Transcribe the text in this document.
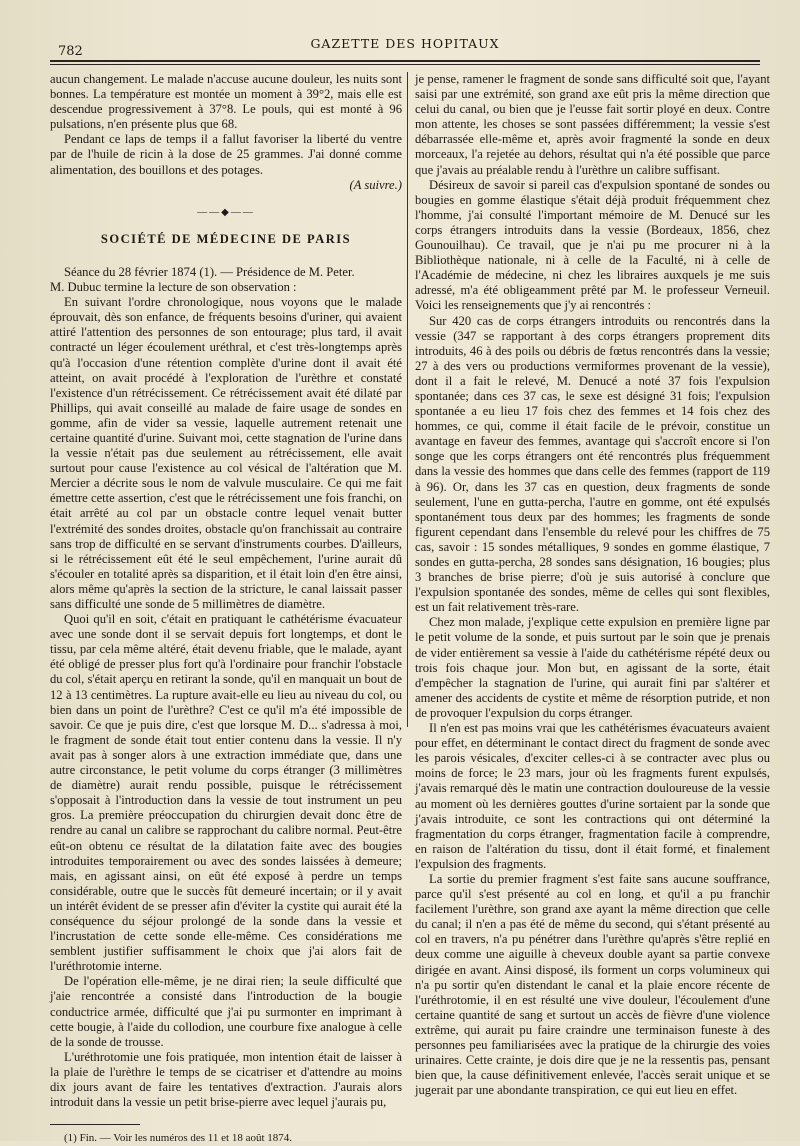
782
GAZETTE DES HOPITAUX

aucun changement. Le malade n'accuse aucune douleur, les nuits sont bonnes. La température est montée un moment à 39°2, mais elle est descendue progressivement à 37°8. Le pouls, qui est monté à 96 pulsations, n'en présente plus que 68.

Pendant ce laps de temps il a fallut favoriser la liberté du ventre par de l'huile de ricin à la dose de 25 grammes. J'ai donné comme alimentation, des bouillons et des potages.

(A suivre.)
——◆——
SOCIÉTÉ DE MÉDECINE DE PARIS

Séance du 28 février 1874 (1). — Présidence de M. Peter.

M. Dubuc termine la lecture de son observation :

En suivant l'ordre chronologique, nous voyons que le malade éprouvait, dès son enfance, de fréquents besoins d'uriner, qui avaient attiré l'attention des personnes de son entourage; plus tard, il avait contracté un léger écoulement uréthral, et c'est très-longtemps après qu'à l'occasion d'une rétention complète d'urine dont il avait été atteint, on avait procédé à l'exploration de l'urèthre et constaté l'existence d'un rétrécissement. Ce rétrécissement avait été dilaté par Phillips, qui avait conseillé au malade de faire usage de sondes en gomme, afin de vider sa vessie, laquelle autrement retenait une certaine quantité d'urine. Suivant moi, cette stagnation de l'urine dans la vessie n'était pas due seulement au rétrécissement, elle avait surtout pour cause l'existence au col vésical de l'altération que M. Mercier a décrite sous le nom de valvule musculaire. Ce qui me fait émettre cette assertion, c'est que le rétrécissement une fois franchi, on était arrêté au col par un obstacle contre lequel venait butter l'extrémité des sondes droites, obstacle qu'on franchissait au contraire sans trop de difficulté en se servant d'instruments courbes. D'ailleurs, si le rétrécissement eût été le seul empêchement, l'urine aurait dû s'écouler en totalité après sa disparition, et il était loin d'en être ainsi, alors même qu'après la section de la stricture, le canal laissait passer sans difficulté une sonde de 5 millimètres de diamètre.

Quoi qu'il en soit, c'était en pratiquant le cathétérisme évacuateur avec une sonde dont il se servait depuis fort longtemps, et dont le tissu, par cela même altéré, était devenu friable, que le malade, ayant été obligé de presser plus fort qu'à l'ordinaire pour franchir l'obstacle du col, s'était aperçu en retirant la sonde, qu'il en manquait un bout de 12 à 13 centimètres. La rupture avait-elle eu lieu au niveau du col, ou bien dans un point de l'urèthre? C'est ce qu'il m'a été impossible de savoir. Ce que je puis dire, c'est que lorsque M. D... s'adressa à moi, le fragment de sonde était tout entier contenu dans la vessie. Il n'y avait pas à songer alors à une extraction immédiate que, dans une autre circonstance, le petit volume du corps étranger (3 millimètres de diamètre) aurait rendu possible, puisque le rétrécissement s'opposait à l'introduction dans la vessie de tout instrument un peu gros. La première préoccupation du chirurgien devait donc être de rendre au canal un calibre se rapprochant du calibre normal. Peut-être eût-on obtenu ce résultat de la dilatation faite avec des bougies introduites temporairement ou avec des sondes laissées à demeure; mais, en agissant ainsi, on eût été exposé à perdre un temps considérable, outre que le succès fût demeuré incertain; or il y avait un intérêt évident de se presser afin d'éviter la cystite qui aurait été la conséquence du séjour prolongé de la sonde dans la vessie et l'incrustation de cette sonde elle-même. Ces considérations me semblent justifier suffisamment le choix que j'ai alors fait de l'uréthrotomie interne.

De l'opération elle-même, je ne dirai rien; la seule difficulté que j'aie rencontrée a consisté dans l'introduction de la bougie conductrice armée, difficulté que j'ai pu surmonter en imprimant à cette bougie, à l'aide du collodion, une courbure fixe analogue à celle de la sonde de trousse.

L'uréthrotomie une fois pratiquée, mon intention était de laisser à la plaie de l'urèthre le temps de se cicatriser et d'attendre au moins dix jours avant de faire les tentatives d'extraction. J'aurais alors introduit dans la vessie un petit brise-pierre avec lequel j'aurais pu,

(1) Fin. — Voir les numéros des 11 et 18 août 1874.

je pense, ramener le fragment de sonde sans difficulté soit que, l'ayant saisi par une extrémité, son grand axe eût pris la même direction que celui du canal, ou bien que je l'eusse fait sortir ployé en deux. Contre mon attente, les choses se sont passées différemment; la vessie s'est débarrassée elle-même et, après avoir fragmenté la sonde en deux morceaux, l'a rejetée au dehors, résultat qui n'a été possible que parce que j'avais au préalable rendu à l'urèthre un calibre suffisant.

Désireux de savoir si pareil cas d'expulsion spontané de sondes ou bougies en gomme élastique s'était déjà produit fréquemment chez l'homme, j'ai consulté l'important mémoire de M. Denucé sur les corps étrangers introduits dans la vessie (Bordeaux, 1856, chez Gounouilhau). Ce travail, que je n'ai pu me procurer ni à la Bibliothèque nationale, ni à celle de la Faculté, ni à celle de l'Académie de médecine, ni chez les libraires auxquels je me suis adressé, m'a été obligeamment prêté par M. le professeur Verneuil. Voici les renseignements que j'y ai rencontrés :

Sur 420 cas de corps étrangers introduits ou rencontrés dans la vessie (347 se rapportant à des corps étrangers proprement dits introduits, 46 à des poils ou débris de fœtus rencontrés dans la vessie; 27 à des vers ou productions vermiformes provenant de la vessie), dont il a fait le relevé, M. Denucé a noté 37 fois l'expulsion spontanée; dans ces 37 cas, le sexe est désigné 31 fois; l'expulsion spontanée a eu lieu 17 fois chez des femmes et 14 fois chez des hommes, ce qui, comme il était facile de le prévoir, constitue un avantage en faveur des femmes, avantage qui s'accroît encore si l'on songe que les corps étrangers ont été rencontrés plus fréquemment dans la vessie des hommes que dans celle des femmes (rapport de 119 à 96). Or, dans les 37 cas en question, deux fragments de sonde seulement, l'une en gutta-percha, l'autre en gomme, ont été expulsés spontanément tous deux par des hommes; les fragments de sonde figurent cependant dans l'ensemble du relevé pour les chiffres de 75 cas, savoir : 15 sondes métalliques, 9 sondes en gomme élastique, 7 sondes en gutta-percha, 28 sondes sans désignation, 16 bougies; plus 3 branches de brise pierre; d'où je suis autorisé à conclure que l'expulsion spontanée des sondes, même de celles qui sont flexibles, est un fait relativement très-rare.

Chez mon malade, j'explique cette expulsion en première ligne par le petit volume de la sonde, et puis surtout par le soin que je prenais de vider entièrement sa vessie à l'aide du cathétérisme répété deux ou trois fois chaque jour. Mon but, en agissant de la sorte, était d'empêcher la stagnation de l'urine, qui aurait fini par s'altérer et amener des accidents de cystite et même de résorption putride, et non de provoquer l'expulsion du corps étranger.

Il n'en est pas moins vrai que les cathétérismes évacuateurs avaient pour effet, en déterminant le contact direct du fragment de sonde avec les parois vésicales, d'exciter celles-ci à se contracter avec plus ou moins de force; le 23 mars, jour où les fragments furent expulsés, j'avais remarqué dès le matin une contraction douloureuse de la vessie au moment où les dernières gouttes d'urine sortaient par la sonde que j'avais introduite, ce sont les contractions qui ont déterminé la fragmentation du corps étranger, fragmentation facile à comprendre, en raison de l'altération du tissu, dont il était formé, et finalement l'expulsion des fragments.

La sortie du premier fragment s'est faite sans aucune souffrance, parce qu'il s'est présenté au col en long, et qu'il a pu franchir facilement l'urèthre, son grand axe ayant la même direction que celle du canal; il n'en a pas été de même du second, qui s'étant présenté au col en travers, n'a pu pénétrer dans l'urèthre qu'après s'être replié en deux comme une aiguille à cheveux double ayant sa partie convexe dirigée en avant. Ainsi disposé, ils forment un corps volumineux qui n'a pu sortir qu'en distendant le canal et la plaie encore récente de l'uréthrotomie, il en est résulté une vive douleur, l'écoulement d'une certaine quantité de sang et surtout un accès de fièvre d'une violence extrême, qui aurait pu faire craindre une terminaison funeste à des personnes peu familiarisées avec la pratique de la chirurgie des voies urinaires. Cette crainte, je dois dire que je ne la ressentis pas, pensant bien que, la cause définitivement enlevée, l'accès serait unique et se jugerait par une abondante transpiration, ce qui eut lieu en effet.
